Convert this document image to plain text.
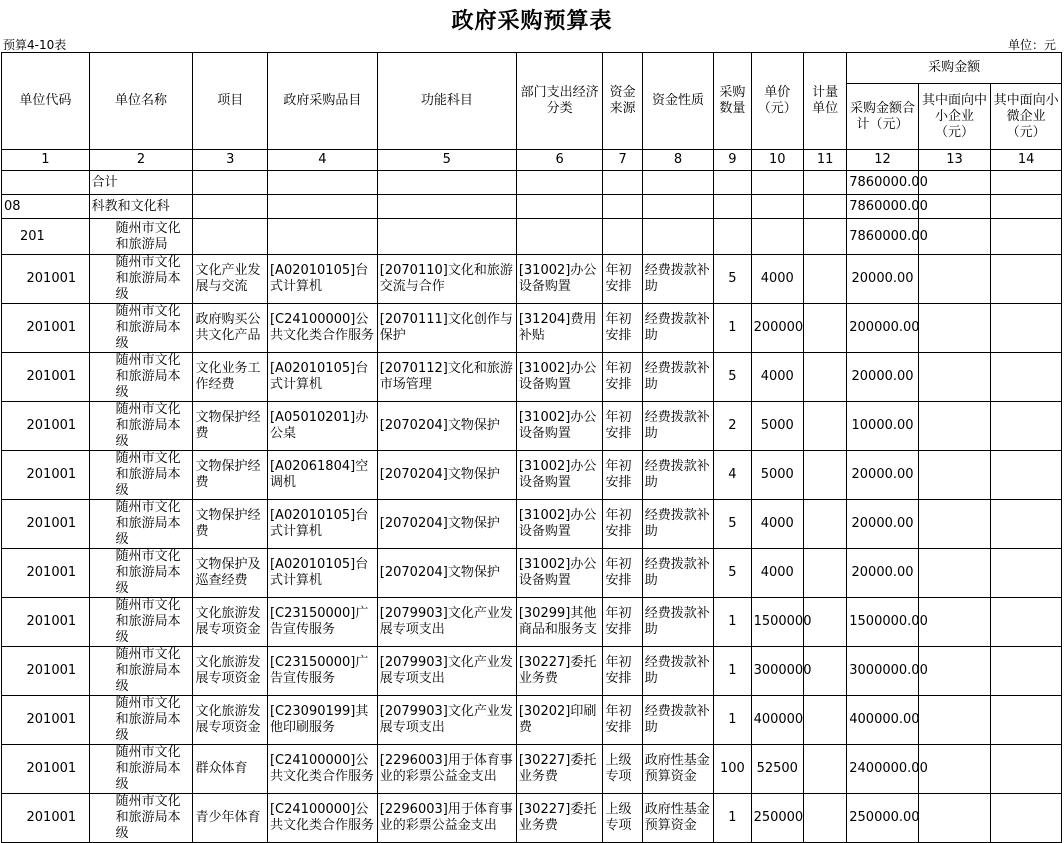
政府采购预算表
预算4-10表	单位：元
单位代码	单位名称	项目	政府采购品目	功能科目	部门支出经济分类	资金来源	资金性质	采购数量	单价（元）	计量单位	采购金额		
											采购金额合计（元）	其中面向中小企业（元）	其中面向小微企业（元）
1	2	3	4	5	6	7	8	9	10	11	12	13	14
	合计										7860000.00		
08	科教和文化科										7860000.00		
201	随州市文化和旅游局										7860000.00		
201001	随州市文化和旅游局本级	文化产业发展与交流	[A02010105]台式计算机	[2070110]文化和旅游交流与合作	[31002]办公设备购置	年初安排	经费拨款补助	5	4000		20000.00		
201001	随州市文化和旅游局本级	政府购买公共文化产品	[C24100000]公共文化类合作服务	[2070111]文化创作与保护	[31204]费用补贴	年初安排	经费拨款补助	1	200000		200000.00		
201001	随州市文化和旅游局本级	文化业务工作经费	[A02010105]台式计算机	[2070112]文化和旅游市场管理	[31002]办公设备购置	年初安排	经费拨款补助	5	4000		20000.00		
201001	随州市文化和旅游局本级	文物保护经费	[A05010201]办公桌	[2070204]文物保护	[31002]办公设备购置	年初安排	经费拨款补助	2	5000		10000.00		
201001	随州市文化和旅游局本级	文物保护经费	[A02061804]空调机	[2070204]文物保护	[31002]办公设备购置	年初安排	经费拨款补助	4	5000		20000.00		
201001	随州市文化和旅游局本级	文物保护经费	[A02010105]台式计算机	[2070204]文物保护	[31002]办公设备购置	年初安排	经费拨款补助	5	4000		20000.00		
201001	随州市文化和旅游局本级	文物保护及巡查经费	[A02010105]台式计算机	[2070204]文物保护	[31002]办公设备购置	年初安排	经费拨款补助	5	4000		20000.00		
201001	随州市文化和旅游局本级	文化旅游发展专项资金	[C23150000]广告宣传服务	[2079903]文化产业发展专项支出	[30299]其他商品和服务支	年初安排	经费拨款补助	1	1500000		1500000.00		
201001	随州市文化和旅游局本级	文化旅游发展专项资金	[C23150000]广告宣传服务	[2079903]文化产业发展专项支出	[30227]委托业务费	年初安排	经费拨款补助	1	3000000		3000000.00		
201001	随州市文化和旅游局本级	文化旅游发展专项资金	[C23090199]其他印刷服务	[2079903]文化产业发展专项支出	[30202]印刷费	年初安排	经费拨款补助	1	400000		400000.00		
201001	随州市文化和旅游局本级	群众体育	[C24100000]公共文化类合作服务	[2296003]用于体育事业的彩票公益金支出	[30227]委托业务费	上级专项	政府性基金预算资金	100	52500		2400000.00		
201001	随州市文化和旅游局本级	青少年体育	[C24100000]公共文化类合作服务	[2296003]用于体育事业的彩票公益金支出	[30227]委托业务费	上级专项	政府性基金预算资金	1	250000		250000.00		
